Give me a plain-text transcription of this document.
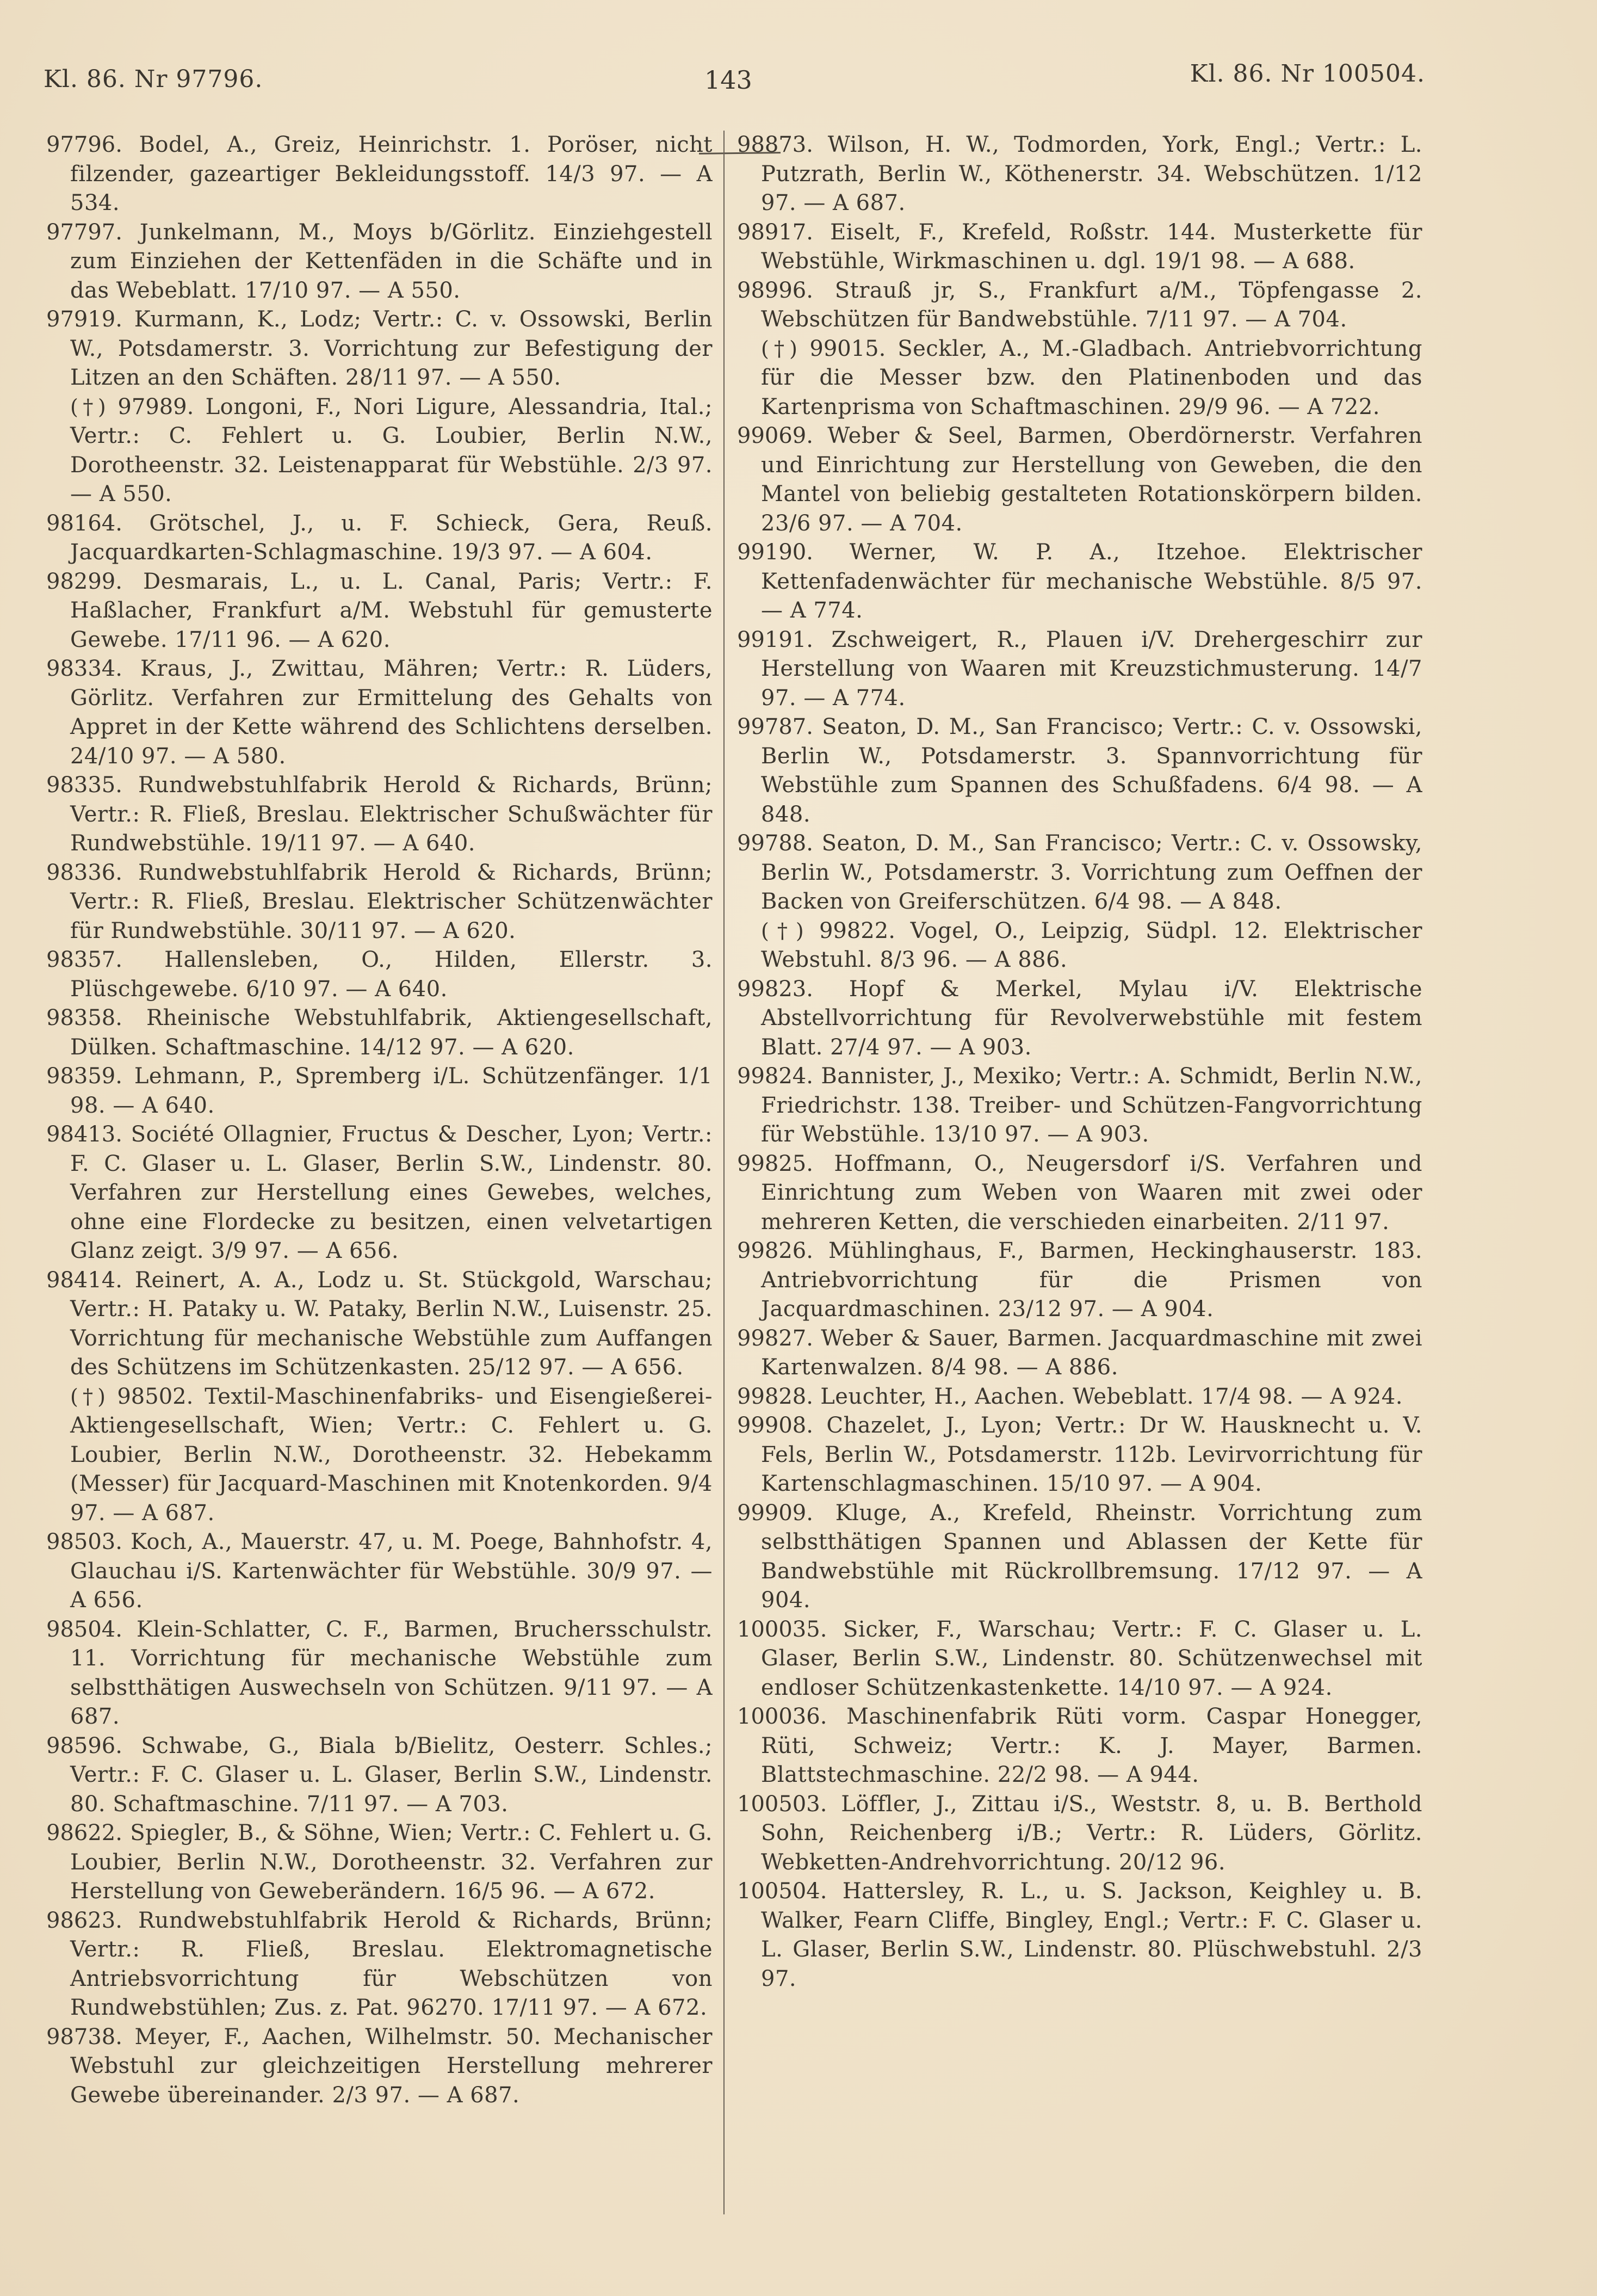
Kl. 86. Nr 97796.	143	Kl. 86. Nr 100504.

97796. Bodel, A., Greiz, Heinrichstr. 1. Poröser, nicht filzender, gazeartiger Bekleidungsstoff. 14/3 97. — A 534.

97797. Junkelmann, M., Moys b/Görlitz. Einziehgestell zum Einziehen der Kettenfäden in die Schäfte und in das Webeblatt. 17/10 97. — A 550.

97919. Kurmann, K., Lodz; Vertr.: C. v. Ossowski, Berlin W., Potsdamerstr. 3. Vorrichtung zur Befestigung der Litzen an den Schäften. 28/11 97. — A 550.

(†) 97989. Longoni, F., Nori Ligure, Alessandria, Ital.; Vertr.: C. Fehlert u. G. Loubier, Berlin N.W., Dorotheenstr. 32. Leistenapparat für Webstühle. 2/3 97. — A 550.

98164. Grötschel, J., u. F. Schieck, Gera, Reuß. Jacquardkarten-Schlagmaschine. 19/3 97. — A 604.

98299. Desmarais, L., u. L. Canal, Paris; Vertr.: F. Haßlacher, Frankfurt a/M. Webstuhl für gemusterte Gewebe. 17/11 96. — A 620.

98334. Kraus, J., Zwittau, Mähren; Vertr.: R. Lüders, Görlitz. Verfahren zur Ermittelung des Gehalts von Appret in der Kette während des Schlichtens derselben. 24/10 97. — A 580.

98335. Rundwebstuhlfabrik Herold & Richards, Brünn; Vertr.: R. Fließ, Breslau. Elektrischer Schußwächter für Rundwebstühle. 19/11 97. — A 640.

98336. Rundwebstuhlfabrik Herold & Richards, Brünn; Vertr.: R. Fließ, Breslau. Elektrischer Schützenwächter für Rundwebstühle. 30/11 97. — A 620.

98357. Hallensleben, O., Hilden, Ellerstr. 3. Plüschgewebe. 6/10 97. — A 640.

98358. Rheinische Webstuhlfabrik, Aktiengesellschaft, Dülken. Schaftmaschine. 14/12 97. — A 620.

98359. Lehmann, P., Spremberg i/L. Schützenfänger. 1/1 98. — A 640.

98413. Société Ollagnier, Fructus & Descher, Lyon; Vertr.: F. C. Glaser u. L. Glaser, Berlin S.W., Lindenstr. 80. Verfahren zur Herstellung eines Gewebes, welches, ohne eine Flordecke zu besitzen, einen velvetartigen Glanz zeigt. 3/9 97. — A 656.

98414. Reinert, A. A., Lodz u. St. Stückgold, Warschau; Vertr.: H. Pataky u. W. Pataky, Berlin N.W., Luisenstr. 25. Vorrichtung für mechanische Webstühle zum Auffangen des Schützens im Schützenkasten. 25/12 97. — A 656.

(†) 98502. Textil-Maschinenfabriks- und Eisengießerei-Aktiengesellschaft, Wien; Vertr.: C. Fehlert u. G. Loubier, Berlin N.W., Dorotheenstr. 32. Hebekamm (Messer) für Jacquard-Maschinen mit Knotenkorden. 9/4 97. — A 687.

98503. Koch, A., Mauerstr. 47, u. M. Poege, Bahnhofstr. 4, Glauchau i/S. Kartenwächter für Webstühle. 30/9 97. — A 656.

98504. Klein-Schlatter, C. F., Barmen, Bruchersschulstr. 11. Vorrichtung für mechanische Webstühle zum selbstthätigen Auswechseln von Schützen. 9/11 97. — A 687.

98596. Schwabe, G., Biala b/Bielitz, Oesterr. Schles.; Vertr.: F. C. Glaser u. L. Glaser, Berlin S.W., Lindenstr. 80. Schaftmaschine. 7/11 97. — A 703.

98622. Spiegler, B., & Söhne, Wien; Vertr.: C. Fehlert u. G. Loubier, Berlin N.W., Dorotheenstr. 32. Verfahren zur Herstellung von Geweberändern. 16/5 96. — A 672.

98623. Rundwebstuhlfabrik Herold & Richards, Brünn; Vertr.: R. Fließ, Breslau. Elektromagnetische Antriebsvorrichtung für Webschützen von Rundwebstühlen; Zus. z. Pat. 96270. 17/11 97. — A 672.

98738. Meyer, F., Aachen, Wilhelmstr. 50. Mechanischer Webstuhl zur gleichzeitigen Herstellung mehrerer Gewebe übereinander. 2/3 97. — A 687.

98873. Wilson, H. W., Todmorden, York, Engl.; Vertr.: L. Putzrath, Berlin W., Köthenerstr. 34. Webschützen. 1/12 97. — A 687.

98917. Eiselt, F., Krefeld, Roßstr. 144. Musterkette für Webstühle, Wirkmaschinen u. dgl. 19/1 98. — A 688.

98996. Strauß jr, S., Frankfurt a/M., Töpfengasse 2. Webschützen für Bandwebstühle. 7/11 97. — A 704.

(†) 99015. Seckler, A., M.-Gladbach. Antriebvorrichtung für die Messer bzw. den Platinenboden und das Kartenprisma von Schaftmaschinen. 29/9 96. — A 722.

99069. Weber & Seel, Barmen, Oberdörnerstr. Verfahren und Einrichtung zur Herstellung von Geweben, die den Mantel von beliebig gestalteten Rotationskörpern bilden. 23/6 97. — A 704.

99190. Werner, W. P. A., Itzehoe. Elektrischer Kettenfadenwächter für mechanische Webstühle. 8/5 97. — A 774.

99191. Zschweigert, R., Plauen i/V. Drehergeschirr zur Herstellung von Waaren mit Kreuzstichmusterung. 14/7 97. — A 774.

99787. Seaton, D. M., San Francisco; Vertr.: C. v. Ossowski, Berlin W., Potsdamerstr. 3. Spannvorrichtung für Webstühle zum Spannen des Schußfadens. 6/4 98. — A 848.

99788. Seaton, D. M., San Francisco; Vertr.: C. v. Ossowsky, Berlin W., Potsdamerstr. 3. Vorrichtung zum Oeffnen der Backen von Greiferschützen. 6/4 98. — A 848.

(†) 99822. Vogel, O., Leipzig, Südpl. 12. Elektrischer Webstuhl. 8/3 96. — A 886.

99823. Hopf & Merkel, Mylau i/V. Elektrische Abstellvorrichtung für Revolverwebstühle mit festem Blatt. 27/4 97. — A 903.

99824. Bannister, J., Mexiko; Vertr.: A. Schmidt, Berlin N.W., Friedrichstr. 138. Treiber- und Schützen-Fangvorrichtung für Webstühle. 13/10 97. — A 903.

99825. Hoffmann, O., Neugersdorf i/S. Verfahren und Einrichtung zum Weben von Waaren mit zwei oder mehreren Ketten, die verschieden einarbeiten. 2/11 97.

99826. Mühlinghaus, F., Barmen, Heckinghauserstr. 183. Antriebvorrichtung für die Prismen von Jacquardmaschinen. 23/12 97. — A 904.

99827. Weber & Sauer, Barmen. Jacquardmaschine mit zwei Kartenwalzen. 8/4 98. — A 886.

99828. Leuchter, H., Aachen. Webeblatt. 17/4 98. — A 924.

99908. Chazelet, J., Lyon; Vertr.: Dr W. Hausknecht u. V. Fels, Berlin W., Potsdamerstr. 112b. Levirvorrichtung für Kartenschlagmaschinen. 15/10 97. — A 904.

99909. Kluge, A., Krefeld, Rheinstr. Vorrichtung zum selbstthätigen Spannen und Ablassen der Kette für Bandwebstühle mit Rückrollbremsung. 17/12 97. — A 904.

100035. Sicker, F., Warschau; Vertr.: F. C. Glaser u. L. Glaser, Berlin S.W., Lindenstr. 80. Schützenwechsel mit endloser Schützenkastenkette. 14/10 97. — A 924.

100036. Maschinenfabrik Rüti vorm. Caspar Honegger, Rüti, Schweiz; Vertr.: K. J. Mayer, Barmen. Blattstechmaschine. 22/2 98. — A 944.

100503. Löffler, J., Zittau i/S., Weststr. 8, u. B. Berthold Sohn, Reichenberg i/B.; Vertr.: R. Lüders, Görlitz. Webketten-Andrehvorrichtung. 20/12 96.

100504. Hattersley, R. L., u. S. Jackson, Keighley u. B. Walker, Fearn Cliffe, Bingley, Engl.; Vertr.: F. C. Glaser u. L. Glaser, Berlin S.W., Lindenstr. 80. Plüschwebstuhl. 2/3 97.
